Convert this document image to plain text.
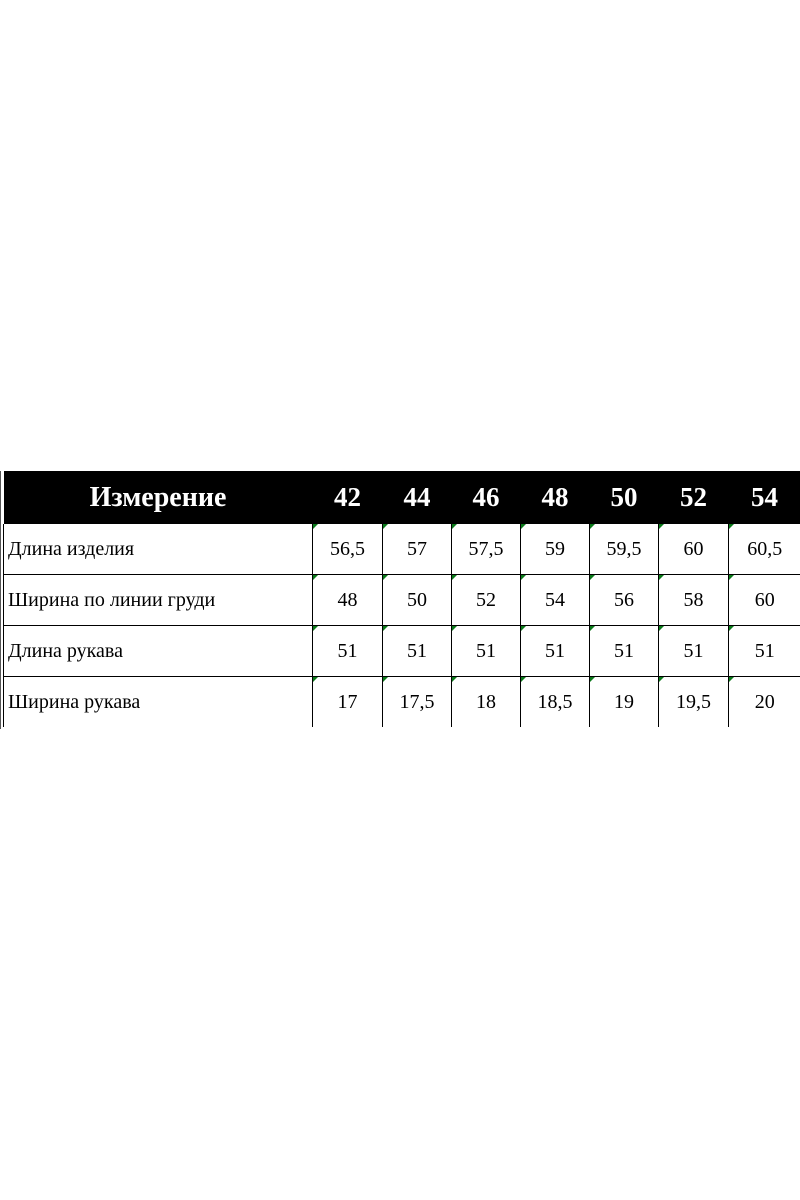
Измерение	42	44	46	48	50	52	54
Длина изделия	56,5	57	57,5	59	59,5	60	60,5
Ширина по линии груди	48	50	52	54	56	58	60
Длина рукава	51	51	51	51	51	51	51
Ширина рукава	17	17,5	18	18,5	19	19,5	20
